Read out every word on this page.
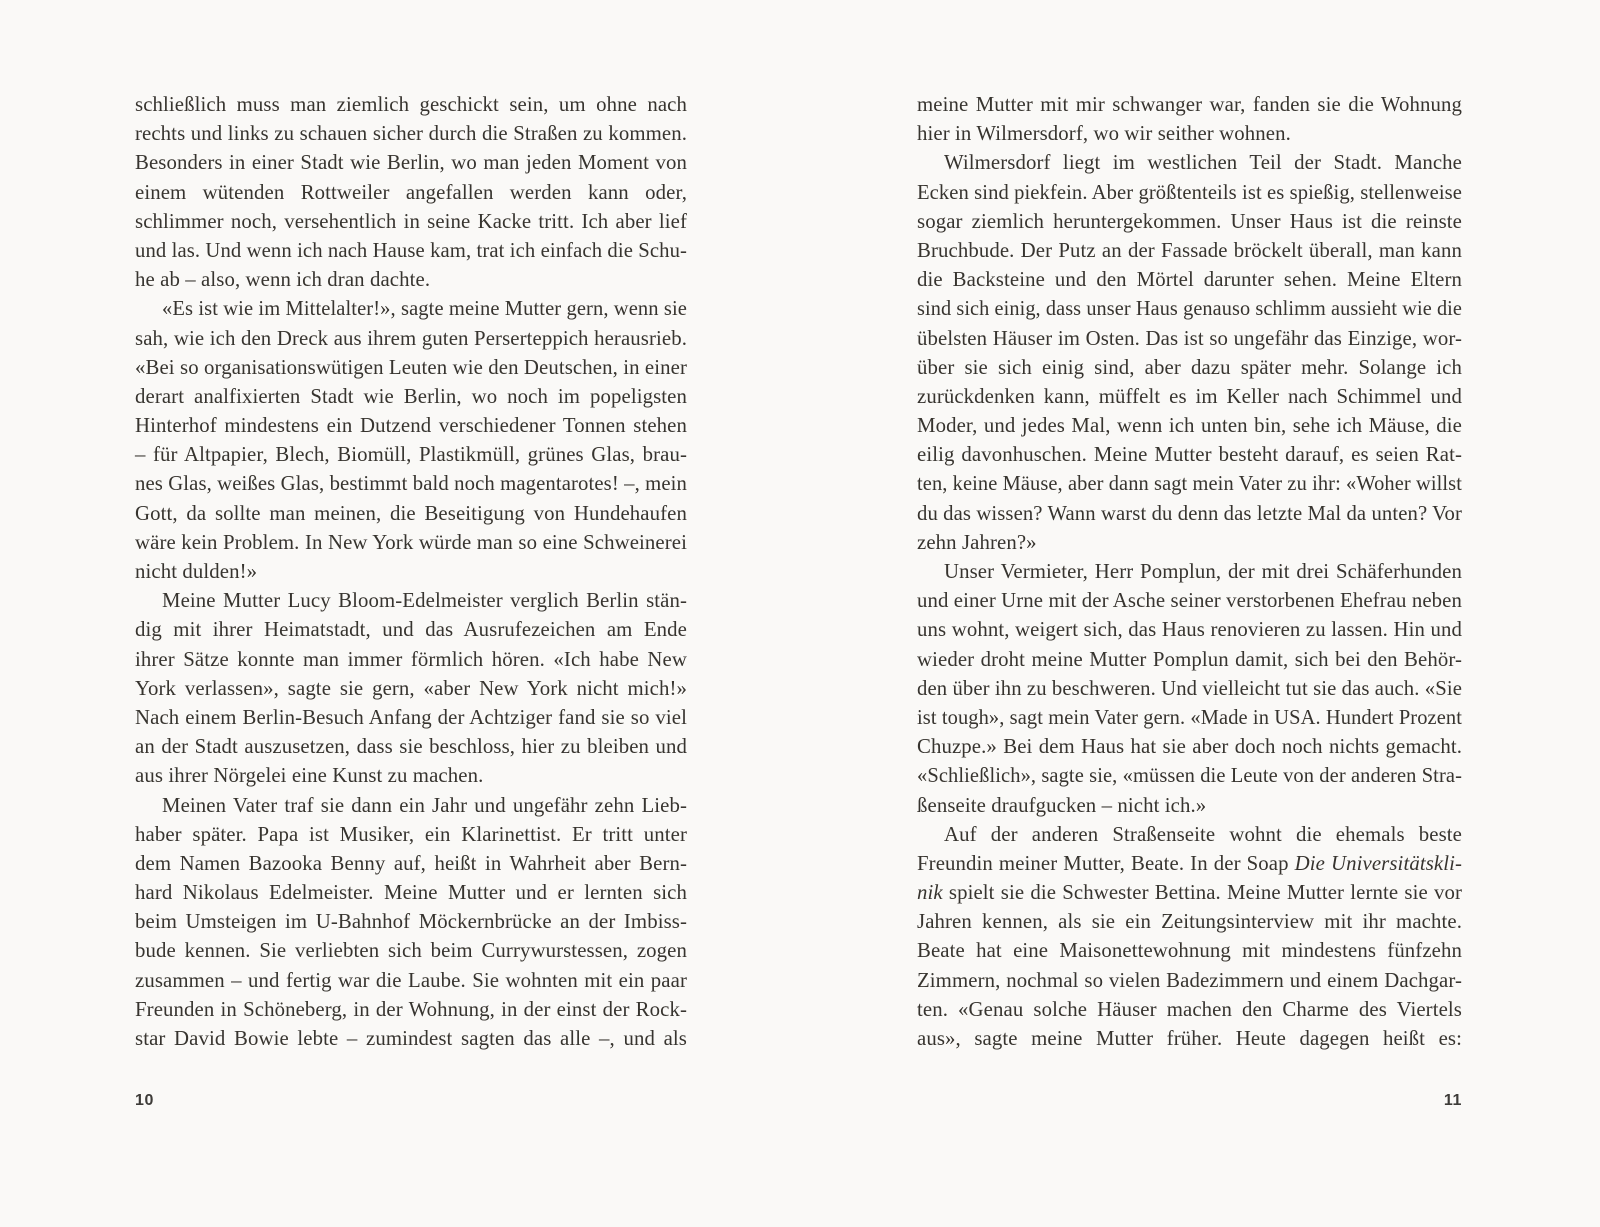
schließlich muss man ziemlich geschickt sein, um ohne nach
rechts und links zu schauen sicher durch die Straßen zu kommen.
Besonders in einer Stadt wie Berlin, wo man jeden Moment von
einem wütenden Rottweiler angefallen werden kann oder,
schlimmer noch, versehentlich in seine Kacke tritt. Ich aber lief
und las. Und wenn ich nach Hause kam, trat ich einfach die Schu-
he ab – also, wenn ich dran dachte.
«Es ist wie im Mittelalter!», sagte meine Mutter gern, wenn sie
sah, wie ich den Dreck aus ihrem guten Perserteppich herausrieb.
«Bei so organisationswütigen Leuten wie den Deutschen, in einer
derart analfixierten Stadt wie Berlin, wo noch im popeligsten
Hinterhof mindestens ein Dutzend verschiedener Tonnen stehen
– für Altpapier, Blech, Biomüll, Plastikmüll, grünes Glas, brau-
nes Glas, weißes Glas, bestimmt bald noch magentarotes! –, mein
Gott, da sollte man meinen, die Beseitigung von Hundehaufen
wäre kein Problem. In New York würde man so eine Schweinerei
nicht dulden!»
Meine Mutter Lucy Bloom-Edelmeister verglich Berlin stän-
dig mit ihrer Heimatstadt, und das Ausrufezeichen am Ende
ihrer Sätze konnte man immer förmlich hören. «Ich habe New
York verlassen», sagte sie gern, «aber New York nicht mich!»
Nach einem Berlin-Besuch Anfang der Achtziger fand sie so viel
an der Stadt auszusetzen, dass sie beschloss, hier zu bleiben und
aus ihrer Nörgelei eine Kunst zu machen.
Meinen Vater traf sie dann ein Jahr und ungefähr zehn Lieb-
haber später. Papa ist Musiker, ein Klarinettist. Er tritt unter
dem Namen Bazooka Benny auf, heißt in Wahrheit aber Bern-
hard Nikolaus Edelmeister. Meine Mutter und er lernten sich
beim Umsteigen im U-Bahnhof Möckernbrücke an der Imbiss-
bude kennen. Sie verliebten sich beim Currywurstessen, zogen
zusammen – und fertig war die Laube. Sie wohnten mit ein paar
Freunden in Schöneberg, in der Wohnung, in der einst der Rock-
star David Bowie lebte – zumindest sagten das alle –, und als
meine Mutter mit mir schwanger war, fanden sie die Wohnung
hier in Wilmersdorf, wo wir seither wohnen.
Wilmersdorf liegt im westlichen Teil der Stadt. Manche
Ecken sind piekfein. Aber größtenteils ist es spießig, stellenweise
sogar ziemlich heruntergekommen. Unser Haus ist die reinste
Bruchbude. Der Putz an der Fassade bröckelt überall, man kann
die Backsteine und den Mörtel darunter sehen. Meine Eltern
sind sich einig, dass unser Haus genauso schlimm aussieht wie die
übelsten Häuser im Osten. Das ist so ungefähr das Einzige, wor-
über sie sich einig sind, aber dazu später mehr. Solange ich
zurückdenken kann, müffelt es im Keller nach Schimmel und
Moder, und jedes Mal, wenn ich unten bin, sehe ich Mäuse, die
eilig davonhuschen. Meine Mutter besteht darauf, es seien Rat-
ten, keine Mäuse, aber dann sagt mein Vater zu ihr: «Woher willst
du das wissen? Wann warst du denn das letzte Mal da unten? Vor
zehn Jahren?»
Unser Vermieter, Herr Pomplun, der mit drei Schäferhunden
und einer Urne mit der Asche seiner verstorbenen Ehefrau neben
uns wohnt, weigert sich, das Haus renovieren zu lassen. Hin und
wieder droht meine Mutter Pomplun damit, sich bei den Behör-
den über ihn zu beschweren. Und vielleicht tut sie das auch. «Sie
ist tough», sagt mein Vater gern. «Made in USA. Hundert Prozent
Chuzpe.» Bei dem Haus hat sie aber doch noch nichts gemacht.
«Schließlich», sagte sie, «müssen die Leute von der anderen Stra-
ßenseite draufgucken – nicht ich.»
Auf der anderen Straßenseite wohnt die ehemals beste
Freundin meiner Mutter, Beate. In der Soap Die Universitätskli-
nik spielt sie die Schwester Bettina. Meine Mutter lernte sie vor
Jahren kennen, als sie ein Zeitungsinterview mit ihr machte.
Beate hat eine Maisonettewohnung mit mindestens fünfzehn
Zimmern, nochmal so vielen Badezimmern und einem Dachgar-
ten. «Genau solche Häuser machen den Charme des Viertels
aus», sagte meine Mutter früher. Heute dagegen heißt es:
10	11
